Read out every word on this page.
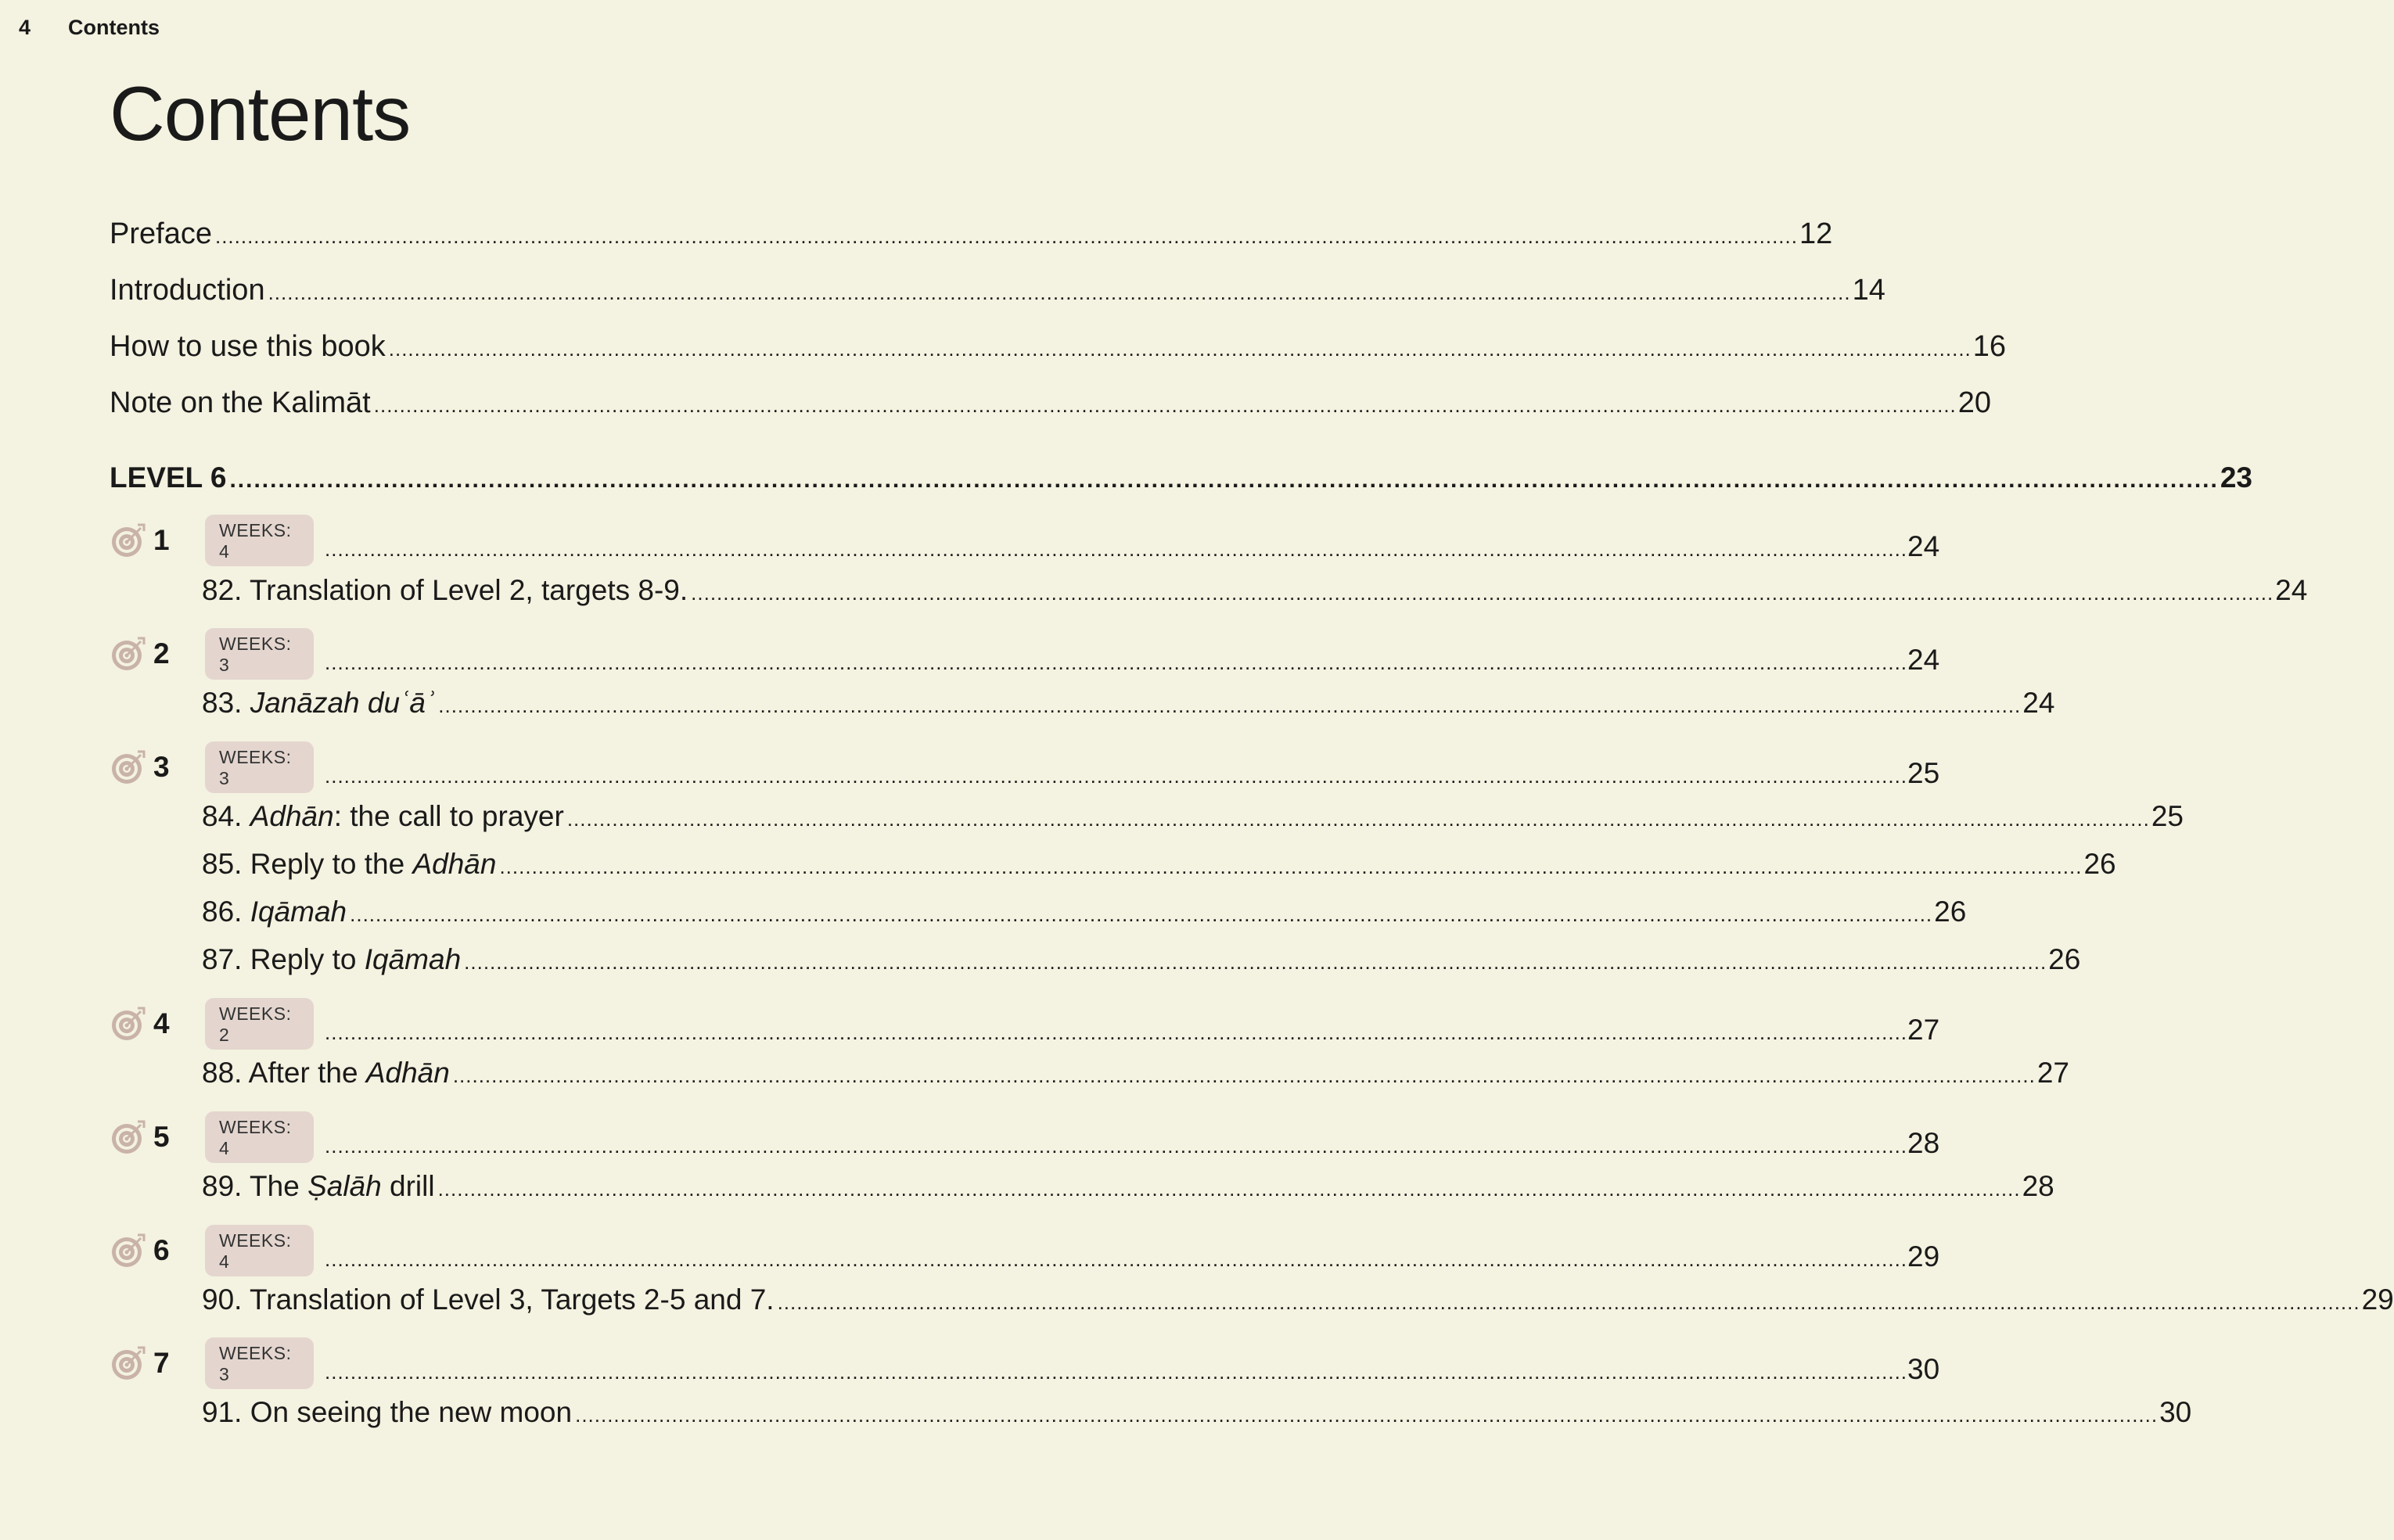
4	Contents
Contents
Preface .....	12
Introduction .....	14
How to use this book .....	16
Note on the Kalimāt .....	20
LEVEL 6 .....	23
1	WEEKS: 4 .....	24
82. Translation of Level 2, targets 8-9. .....	24
2	WEEKS: 3 .....	24
83. Janāzah duʿāʾ .....	24
3	WEEKS: 3 .....	25
84. Adhān: the call to prayer .....	25
85. Reply to the Adhān .....	26
86. Iqāmah .....	26
87. Reply to Iqāmah .....	26
4	WEEKS: 2 .....	27
88. After the Adhān .....	27
5	WEEKS: 4 .....	28
89. The Ṣalāh drill .....	28
6	WEEKS: 4 .....	29
90. Translation of Level 3, Targets 2-5 and 7. .....	29
7	WEEKS: 3 .....	30
91. On seeing the new moon .....	30
